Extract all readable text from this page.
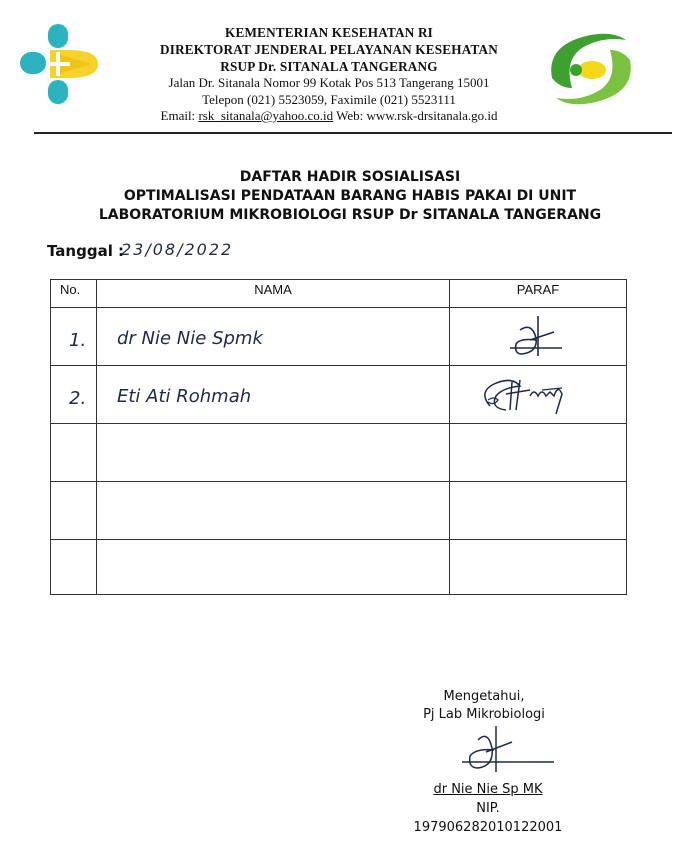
KEMENTERIAN KESEHATAN RI
DIREKTORAT JENDERAL PELAYANAN KESEHATAN
RSUP Dr. SITANALA TANGERANG
Jalan Dr. Sitanala Nomor 99 Kotak Pos 513 Tangerang 15001
Telepon (021) 5523059, Faximile (021) 5523111
Email: rsk_sitanala@yahoo.co.id Web: www.rsk-drsitanala.go.id
DAFTAR HADIR SOSIALISASI
OPTIMALISASI PENDATAAN BARANG HABIS PAKAI DI UNIT
LABORATORIUM MIKROBIOLOGI RSUP Dr SITANALA TANGERANG
Tanggal :
23/08/2022
No.	NAMA	PARAF
1. dr Nie Nie Spmk
2. Eti Ati Rohmah
Mengetahui,
Pj Lab Mikrobiologi
dr Nie Nie Sp MK
NIP. 197906282010122001
